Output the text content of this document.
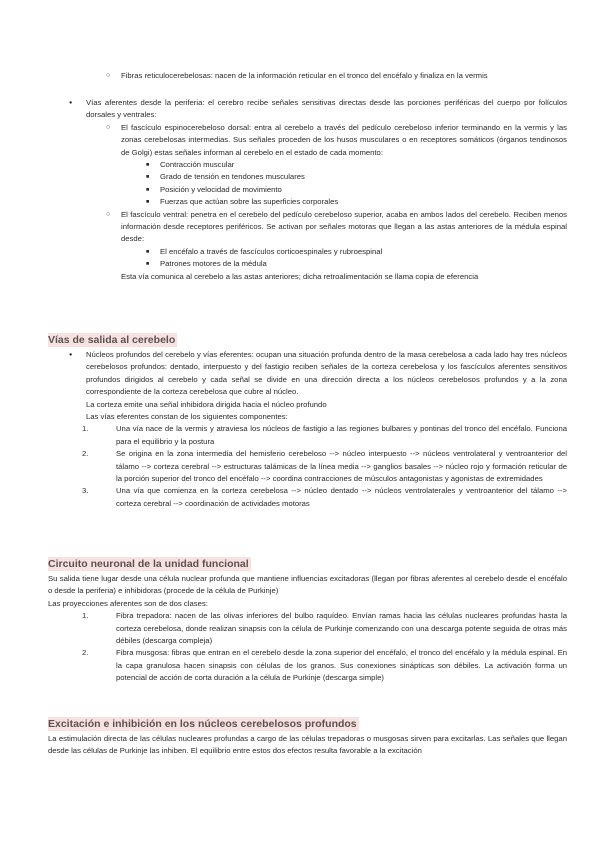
○ Fibras reticulocerebelosas: nacen de la información reticular en el tronco del encéfalo y finaliza en la vermis
● Vías aferentes desde la periferia: el cerebro recibe señales sensitivas directas desde las porciones periféricas del cuerpo por folículos dorsales y ventrales:
○ El fascículo espinocerebeloso dorsal: entra al cerebelo a través del pedículo cerebeloso inferior terminando en la vermis y las zonas cerebelosas intermedias. Sus señales proceden de los husos musculares o en receptores somáticos (órganos tendinosos de Golgi) estas señales informan al cerebelo en el estado de cada momento:
■ Contracción muscular
■ Grado de tensión en tendones musculares
■ Posición y velocidad de movimiento
■ Fuerzas que actúan sobre las superficies corporales
○ El fascículo ventral: penetra en el cerebelo del pedículo cerebeloso superior, acaba en ambos lados del cerebelo. Reciben menos información desde receptores periféricos. Se activan por señales motoras que llegan a las astas anteriores de la médula espinal desde:
■ El encéfalo a través de fascículos corticoespinales y rubroespinal
■ Patrones motores de la médula
Esta vía comunica al cerebelo a las astas anteriores; dicha retroalimentación se llama copia de eferencia
Vías de salida al cerebelo
● Núcleos profundos del cerebelo y vías eferentes: ocupan una situación profunda dentro de la masa cerebelosa a cada lado hay tres núcleos cerebelosos profundos: dentado, interpuesto y del fastigio reciben señales de la corteza cerebelosa y los fascículos aferentes sensitivos profundos dirigidos al cerebelo y cada señal se divide en una dirección directa a los núcleos cerebelosos profundos y a la zona correspondiente de la corteza cerebelosa que cubre al núcleo.
La corteza emite una señal inhibidora dirigida hacia el núcleo profundo
Las vías eferentes constan de los siguientes componentes:
1.	Una vía nace de la vermis y atraviesa los núcleos de fastigio a las regiones bulbares y pontinas del tronco del encéfalo. Funciona para el equilibrio y la postura
2.	Se origina en la zona intermedia del hemisferio cerebeloso --> núcleo interpuesto --> núcleos ventrolateral y ventroanterior del tálamo --> corteza cerebral --> estructuras talámicas de la línea media --> ganglios basales --> núcleo rojo y formación reticular de la porción superior del tronco del encéfalo --> coordina contracciones de músculos antagonistas y agonistas de extremidades
3.	Una vía que comienza en la corteza cerebelosa --> núcleo dentado --> núcleos ventrolaterales y ventroanterior del tálamo --> corteza cerebral --> coordinación de actividades motoras
Circuito neuronal de la unidad funcional
Su salida tiene lugar desde una célula nuclear profunda que mantiene influencias excitadoras (llegan por fibras aferentes al cerebelo desde el encéfalo o desde la periferia) e inhibidoras (procede de la célula de Purkinje)
Las proyecciones aferentes son de dos clases:
1.	Fibra trepadora: nacen de las olivas inferiores del bulbo raquídeo. Envían ramas hacia las células nucleares profundas hasta la corteza cerebelosa, donde realizan sinapsis con la célula de Purkinje comenzando con una descarga potente seguida de otras más débiles (descarga compleja)
2.	Fibra musgosa: fibras que entran en el cerebelo desde la zona superior del encéfalo, el tronco del encéfalo y la médula espinal. En la capa granulosa hacen sinapsis con células de los granos. Sus conexiones sinápticas son débiles. La activación forma un potencial de acción de corta duración a la célula de Purkinje (descarga simple)
Excitación e inhibición en los núcleos cerebelosos profundos
La estimulación directa de las células nucleares profundas a cargo de las células trepadoras o musgosas sirven para excitarlas. Las señales que llegan desde las células de Purkinje las inhiben. El equilibrio entre estos dos efectos resulta favorable a la excitación
